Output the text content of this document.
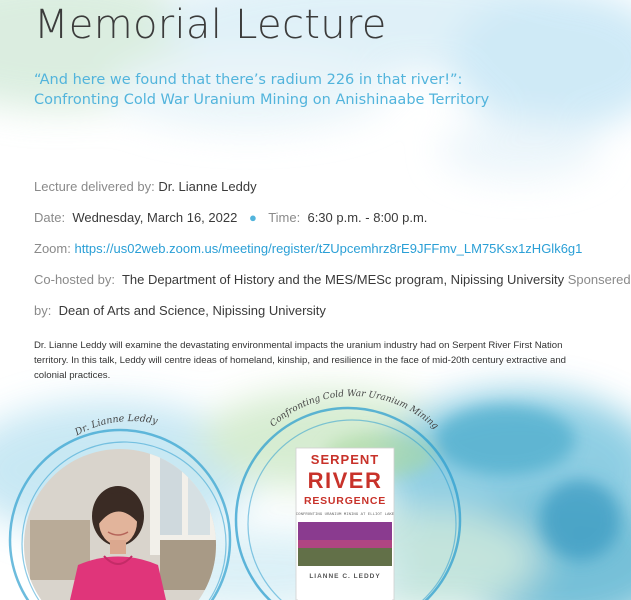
Memorial Lecture
“And here we found that there’s radium 226 in that river!”:
Confronting Cold War Uranium Mining on Anishinaabe Territory
Lecture delivered by: Dr. Lianne Leddy
Date: Wednesday, March 16, 2022 ● Time: 6:30 p.m. - 8:00 p.m.
Zoom: https://us02web.zoom.us/meeting/register/tZUpcemhrz8rE9JFFmv_LM75Ksx1zHGlk6g1
Co-hosted by: The Department of History and the MES/MESc program, Nipissing University Sponsered
by: Dean of Arts and Science, Nipissing University
Dr. Lianne Leddy will examine the devastating environmental impacts the uranium industry had on Serpent River First Nation territory. In this talk, Leddy will centre ideas of homeland, kinship, and resilience in the face of mid-20th century extractive and colonial practices.
Dr. Lianne Leddy	Confronting Cold War Uranium Mining
SERPENT
RIVER
RESURGENCE
CONFRONTING URANIUM MINING AT ELLIOT LAKE
LIANNE C. LEDDY
